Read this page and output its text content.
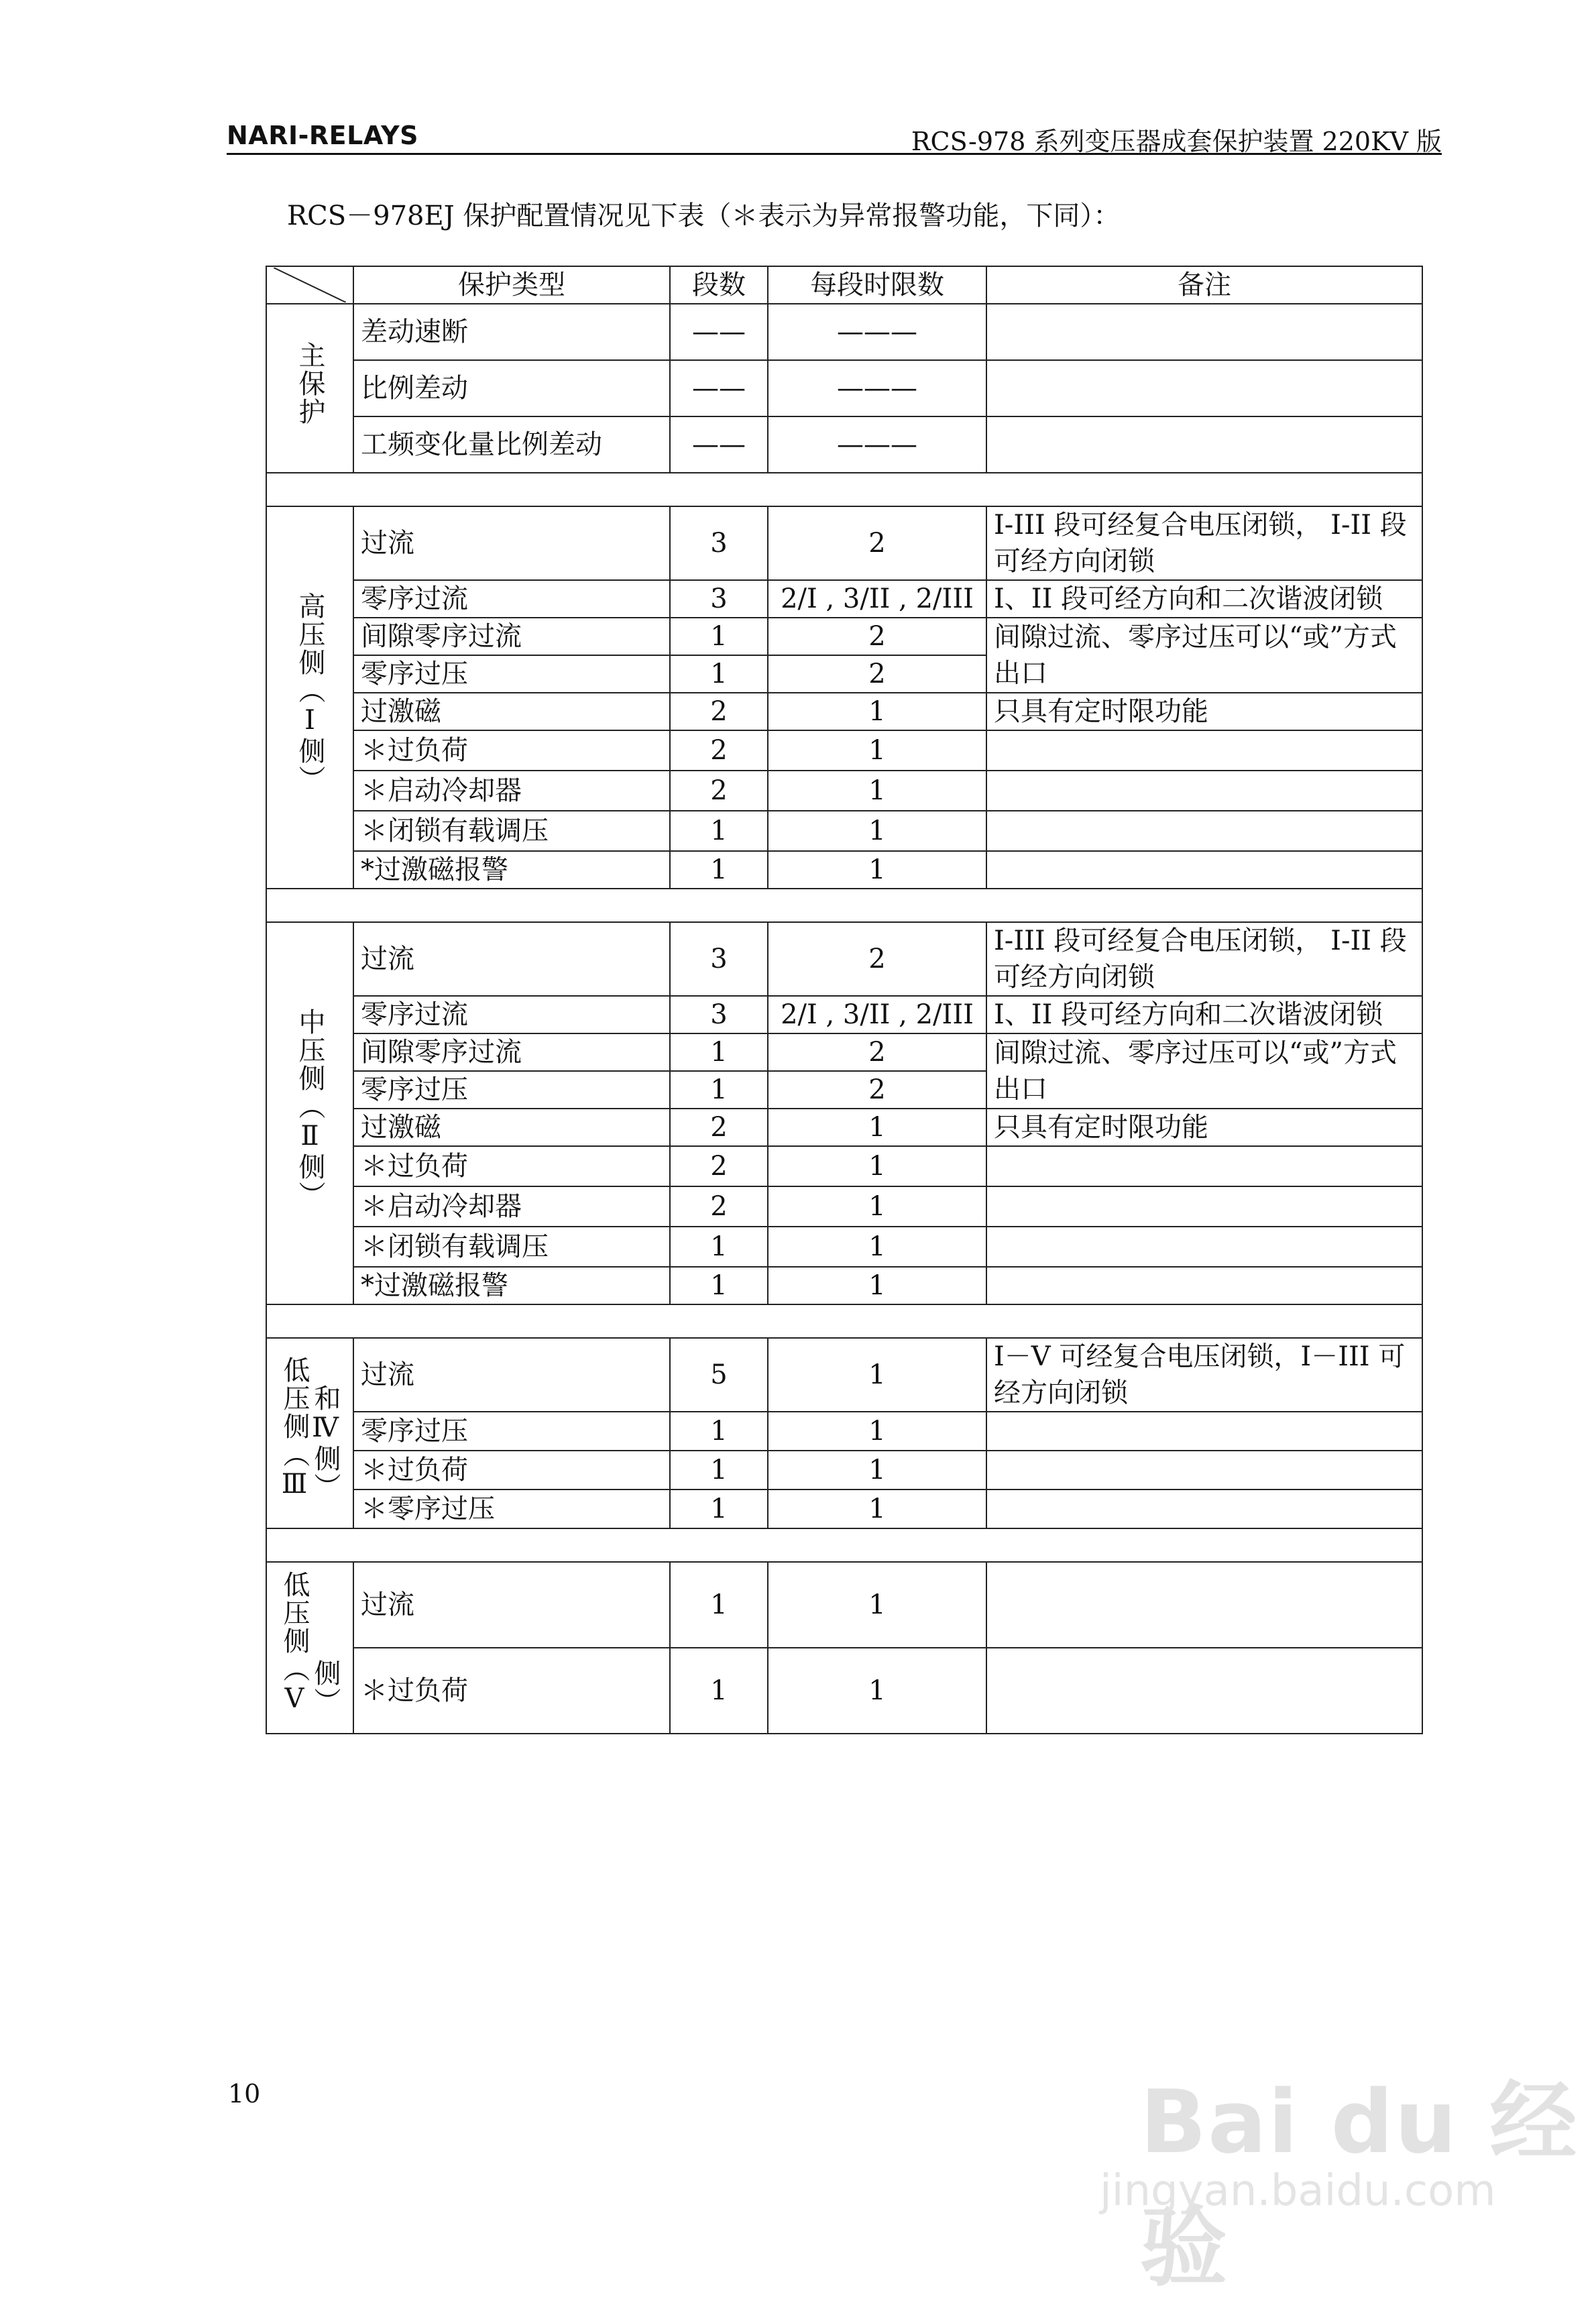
NARI-RELAYS	RCS-978 系列变压器成套保护装置 220KV 版
RCS－978EJ 保护配置情况见下表（＊表示为异常报警功能，下同）：
	保护类型	段数	每段时限数	备注
主保护	差动速断	——	———	
	比例差动	——	———	
	工频变化量比例差动	——	———	

高压侧（Ⅰ侧）	过流	3	2	I-III 段可经复合电压闭锁， I-II 段可经方向闭锁
	零序过流	3	2/I , 3/II , 2/III	I、II 段可经方向和二次谐波闭锁
	间隙零序过流	1	2	间隙过流、零序过压可以“或”方式出口
	零序过压	1	2	
	过激磁	2	1	只具有定时限功能
	＊过负荷	2	1	
	＊启动冷却器	2	1	
	＊闭锁有载调压	1	1	
	*过激磁报警	1	1	

中压侧（Ⅱ侧）	过流	3	2	I-III 段可经复合电压闭锁， I-II 段可经方向闭锁
	零序过流	3	2/I , 3/II , 2/III	I、II 段可经方向和二次谐波闭锁
	间隙零序过流	1	2	间隙过流、零序过压可以“或”方式出口
	零序过压	1	2	
	过激磁	2	1	只具有定时限功能
	＊过负荷	2	1	
	＊启动冷却器	2	1	
	＊闭锁有载调压	1	1	
	*过激磁报警	1	1	

低压侧（Ⅲ和Ⅳ侧）	过流	5	1	I－V 可经复合电压闭锁，I－III 可经方向闭锁
	零序过压	1	1	
	＊过负荷	1	1	
	＊零序过压	1	1	

低压侧（Ⅴ侧）	过流	1	1	
	＊过负荷	1	1	
10	Bai du 经验
jingyan.baidu.com
